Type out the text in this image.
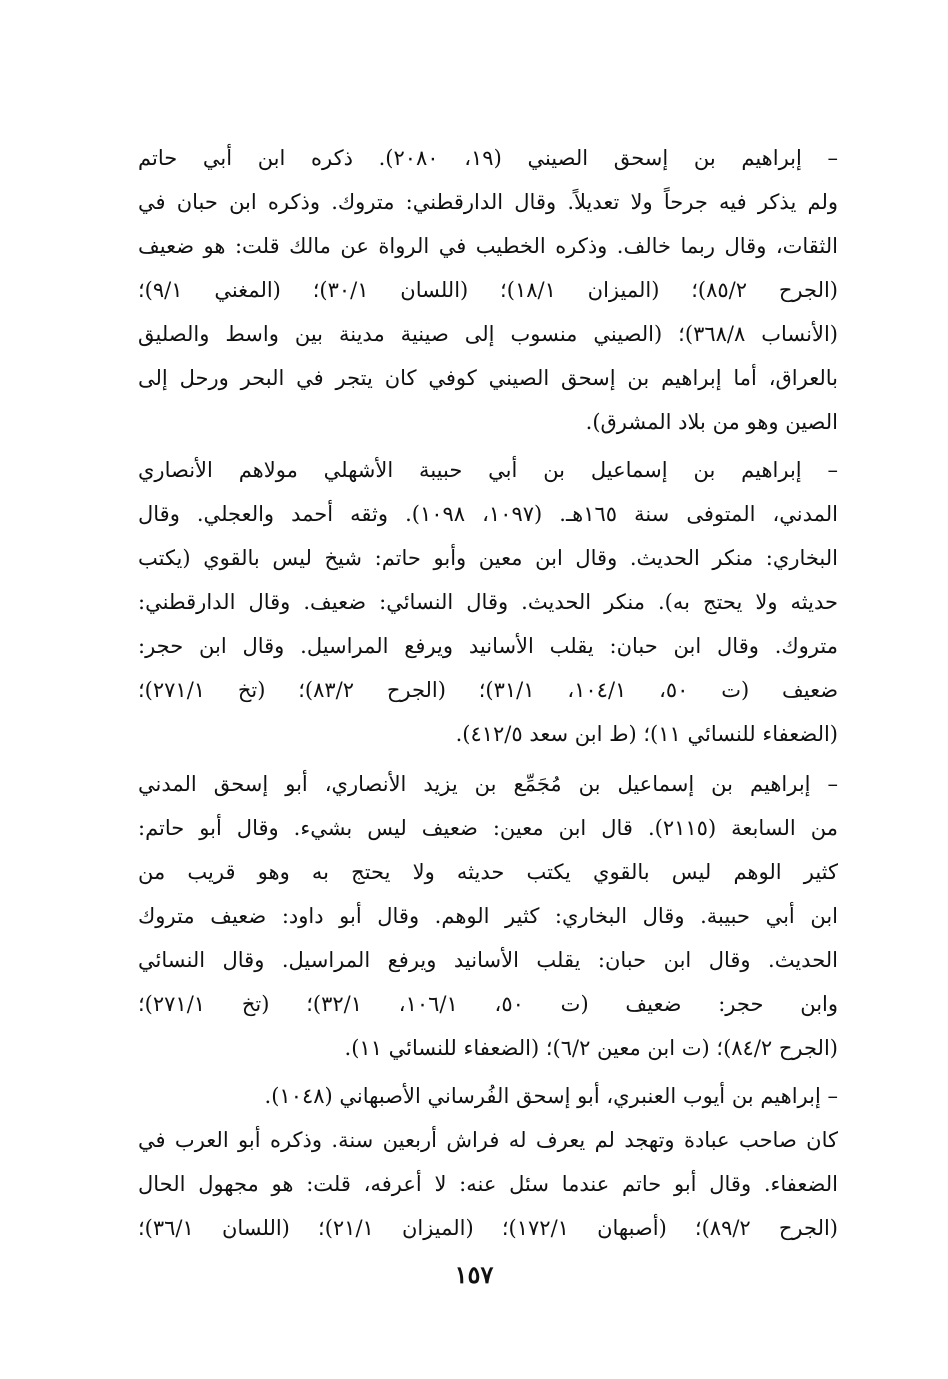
– إبراهيم بن إسحق الصيني (١٩، ٢٠٨٠). ذكره ابن أبي حاتم
ولم يذكر فيه جرحاً ولا تعديلاً. وقال الدارقطني: متروك. وذكره ابن حبان في
الثقات، وقال ربما خالف. وذكره الخطيب في الرواة عن مالك قلت: هو ضعيف
(الجرح ٨٥/٢)؛ (الميزان ١٨/١)؛ (اللسان ٣٠/١)؛ (المغني ٩/١)؛
(الأنساب ٣٦٨/٨)؛ (الصيني منسوب إلى صينية مدينة بين واسط والصليق
بالعراق، أما إبراهيم بن إسحق الصيني كوفي كان يتجر في البحر ورحل إلى
الصين وهو من بلاد المشرق).
– إبراهيم بن إسماعيل بن أبي حبيبة الأشهلي مولاهم الأنصاري
المدني، المتوفى سنة ١٦٥هـ. (١٠٩٧، ١٠٩٨). وثقه أحمد والعجلي. وقال
البخاري: منكر الحديث. وقال ابن معين وأبو حاتم: شيخ ليس بالقوي (يكتب
حديثه ولا يحتج به). منكر الحديث. وقال النسائي: ضعيف. وقال الدارقطني:
متروك. وقال ابن حبان: يقلب الأسانيد ويرفع المراسيل. وقال ابن حجر:
ضعيف (ت ٥٠، ١٠٤/١، ٣١/١)؛ (الجرح ٨٣/٢)؛ (تخ ٢٧١/١)؛
(الضعفاء للنسائي ١١)؛ (ط ابن سعد ٤١٢/٥).
– إبراهيم بن إسماعيل بن مُجَمِّع بن يزيد الأنصاري، أبو إسحق المدني
من السابعة (٢١١٥). قال ابن معين: ضعيف ليس بشيء. وقال أبو حاتم:
كثير الوهم ليس بالقوي يكتب حديثه ولا يحتج به وهو قريب من
ابن أبي حبيبة. وقال البخاري: كثير الوهم. وقال أبو داود: ضعيف متروك
الحديث. وقال ابن حبان: يقلب الأسانيد ويرفع المراسيل. وقال النسائي
وابن حجر: ضعيف (ت ٥٠، ١٠٦/١، ٣٢/١)؛ (تخ ٢٧١/١)؛
(الجرح ٨٤/٢)؛ (ت ابن معين ٦/٢)؛ (الضعفاء للنسائي ١١).
– إبراهيم بن أيوب العنبري، أبو إسحق الفُرساني الأصبهاني (١٠٤٨).
كان صاحب عبادة وتهجد لم يعرف له فراش أربعين سنة. وذكره أبو العرب في
الضعفاء. وقال أبو حاتم عندما سئل عنه: لا أعرفه، قلت: هو مجهول الحال
(الجرح ٨٩/٢)؛ (أصبهان ١٧٢/١)؛ (الميزان ٢١/١)؛ (اللسان ٣٦/١)؛
١٥٧
